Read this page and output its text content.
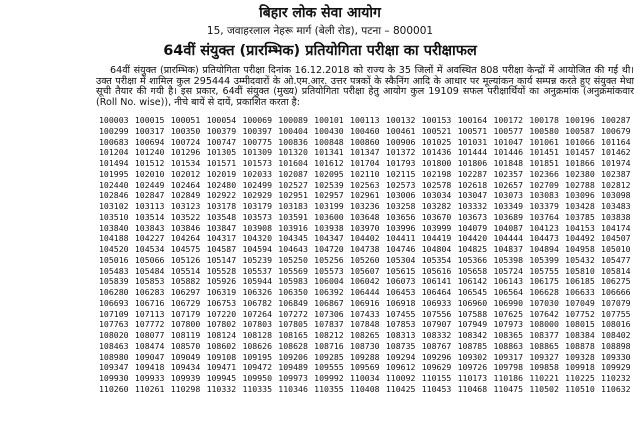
बिहार लोक सेवा आयोग
15, जवाहरलाल नेहरू मार्ग (बेली रोड), पटना – 800001
64वीं संयुक्त (प्रारम्भिक) प्रतियोगिता परीक्षा का परीक्षाफल

64वीं संयुक्त (प्रारम्भिक) प्रतियोगिता परीक्षा दिनांक 16.12.2018 को राज्य के 35 जिलों में अवस्थित 808 परीक्षा केन्द्रों में आयोजित की गई थी। उक्त परीक्षा में शामिल कुल 295444 उम्मीदवारों के ओ.एम.आर. उत्तर पत्रकों के स्कैनिंग आदि के आधार पर मूल्यांकन कार्य सम्पन्न करते हुए संयुक्त मेधा सूची तैयार की गयी है। इस प्रकार, 64वीं संयुक्त (मुख्य) प्रतियोगिता परीक्षा हेतु आयोग कुल 19109 सफल परीक्षार्थियों का अनुक्रमांक (अनुक्रमांकवार (Roll No. wise)), नीचे बायें से दायें, प्रकाशित करता है:

100003 100015 100051 100054 100069 100089 100101 100113 100132 100153 100164 100172 100178 100196 100287
100299 100317 100350 100379 100397 100404 100430 100460 100461 100521 100571 100577 100580 100587 100679
100683 100694 100724 100747 100775 100836 100848 100860 100906 101025 101031 101047 101061 101066 101164
101204 101240 101296 101305 101309 101320 101341 101347 101372 101436 101444 101446 101451 101457 101462
101494 101512 101534 101571 101573 101604 101612 101704 101793 101800 101806 101848 101851 101866 101974
101995 102010 102012 102019 102033 102087 102095 102110 102115 102198 102287 102357 102366 102380 102387
102440 102449 102464 102480 102499 102527 102539 102563 102573 102578 102618 102657 102709 102788 102812
102846 102847 102849 102922 102929 102951 102957 102961 103006 103034 103047 103073 103083 103096 103098
103102 103113 103123 103178 103179 103183 103199 103236 103258 103282 103332 103349 103379 103428 103483
103510 103514 103522 103548 103573 103591 103600 103648 103656 103670 103673 103689 103764 103785 103838
103840 103843 103846 103847 103908 103916 103938 103970 103996 103999 104079 104087 104123 104153 104174
104188 104227 104264 104317 104320 104345 104347 104402 104411 104419 104420 104444 104473 104492 104507
104520 104534 104575 104587 104594 104643 104720 104738 104746 104804 104825 104837 104894 104958 105010
105016 105066 105126 105147 105239 105250 105256 105260 105304 105354 105366 105398 105399 105432 105477
105483 105484 105514 105528 105537 105569 105573 105607 105615 105616 105658 105724 105755 105810 105814
105839 105853 105882 105926 105944 105983 106004 106042 106073 106141 106142 106143 106175 106185 106275
106280 106283 106297 106319 106326 106350 106392 106444 106453 106464 106545 106564 106628 106633 106666
106693 106716 106729 106753 106782 106849 106867 106916 106918 106933 106960 106990 107030 107049 107079
107109 107113 107179 107220 107264 107272 107306 107433 107455 107556 107588 107625 107642 107752 107755
107763 107772 107800 107802 107803 107805 107837 107848 107853 107907 107949 107973 108000 108015 108016
108020 108077 108119 108124 108128 108165 108212 108265 108313 108332 108342 108365 108377 108384 108402
108463 108474 108570 108602 108626 108628 108716 108730 108735 108767 108785 108863 108865 108878 108898
108980 109047 109049 109108 109195 109206 109285 109288 109294 109296 109302 109317 109327 109328 109330
109347 109418 109434 109471 109472 109489 109555 109569 109612 109629 109726 109798 109858 109918 109929
109930 109933 109939 109945 109950 109973 109992 110034 110092 110155 110173 110186 110221 110225 110232
110260 110261 110298 110332 110335 110346 110355 110408 110425 110453 110468 110475 110502 110510 110632
